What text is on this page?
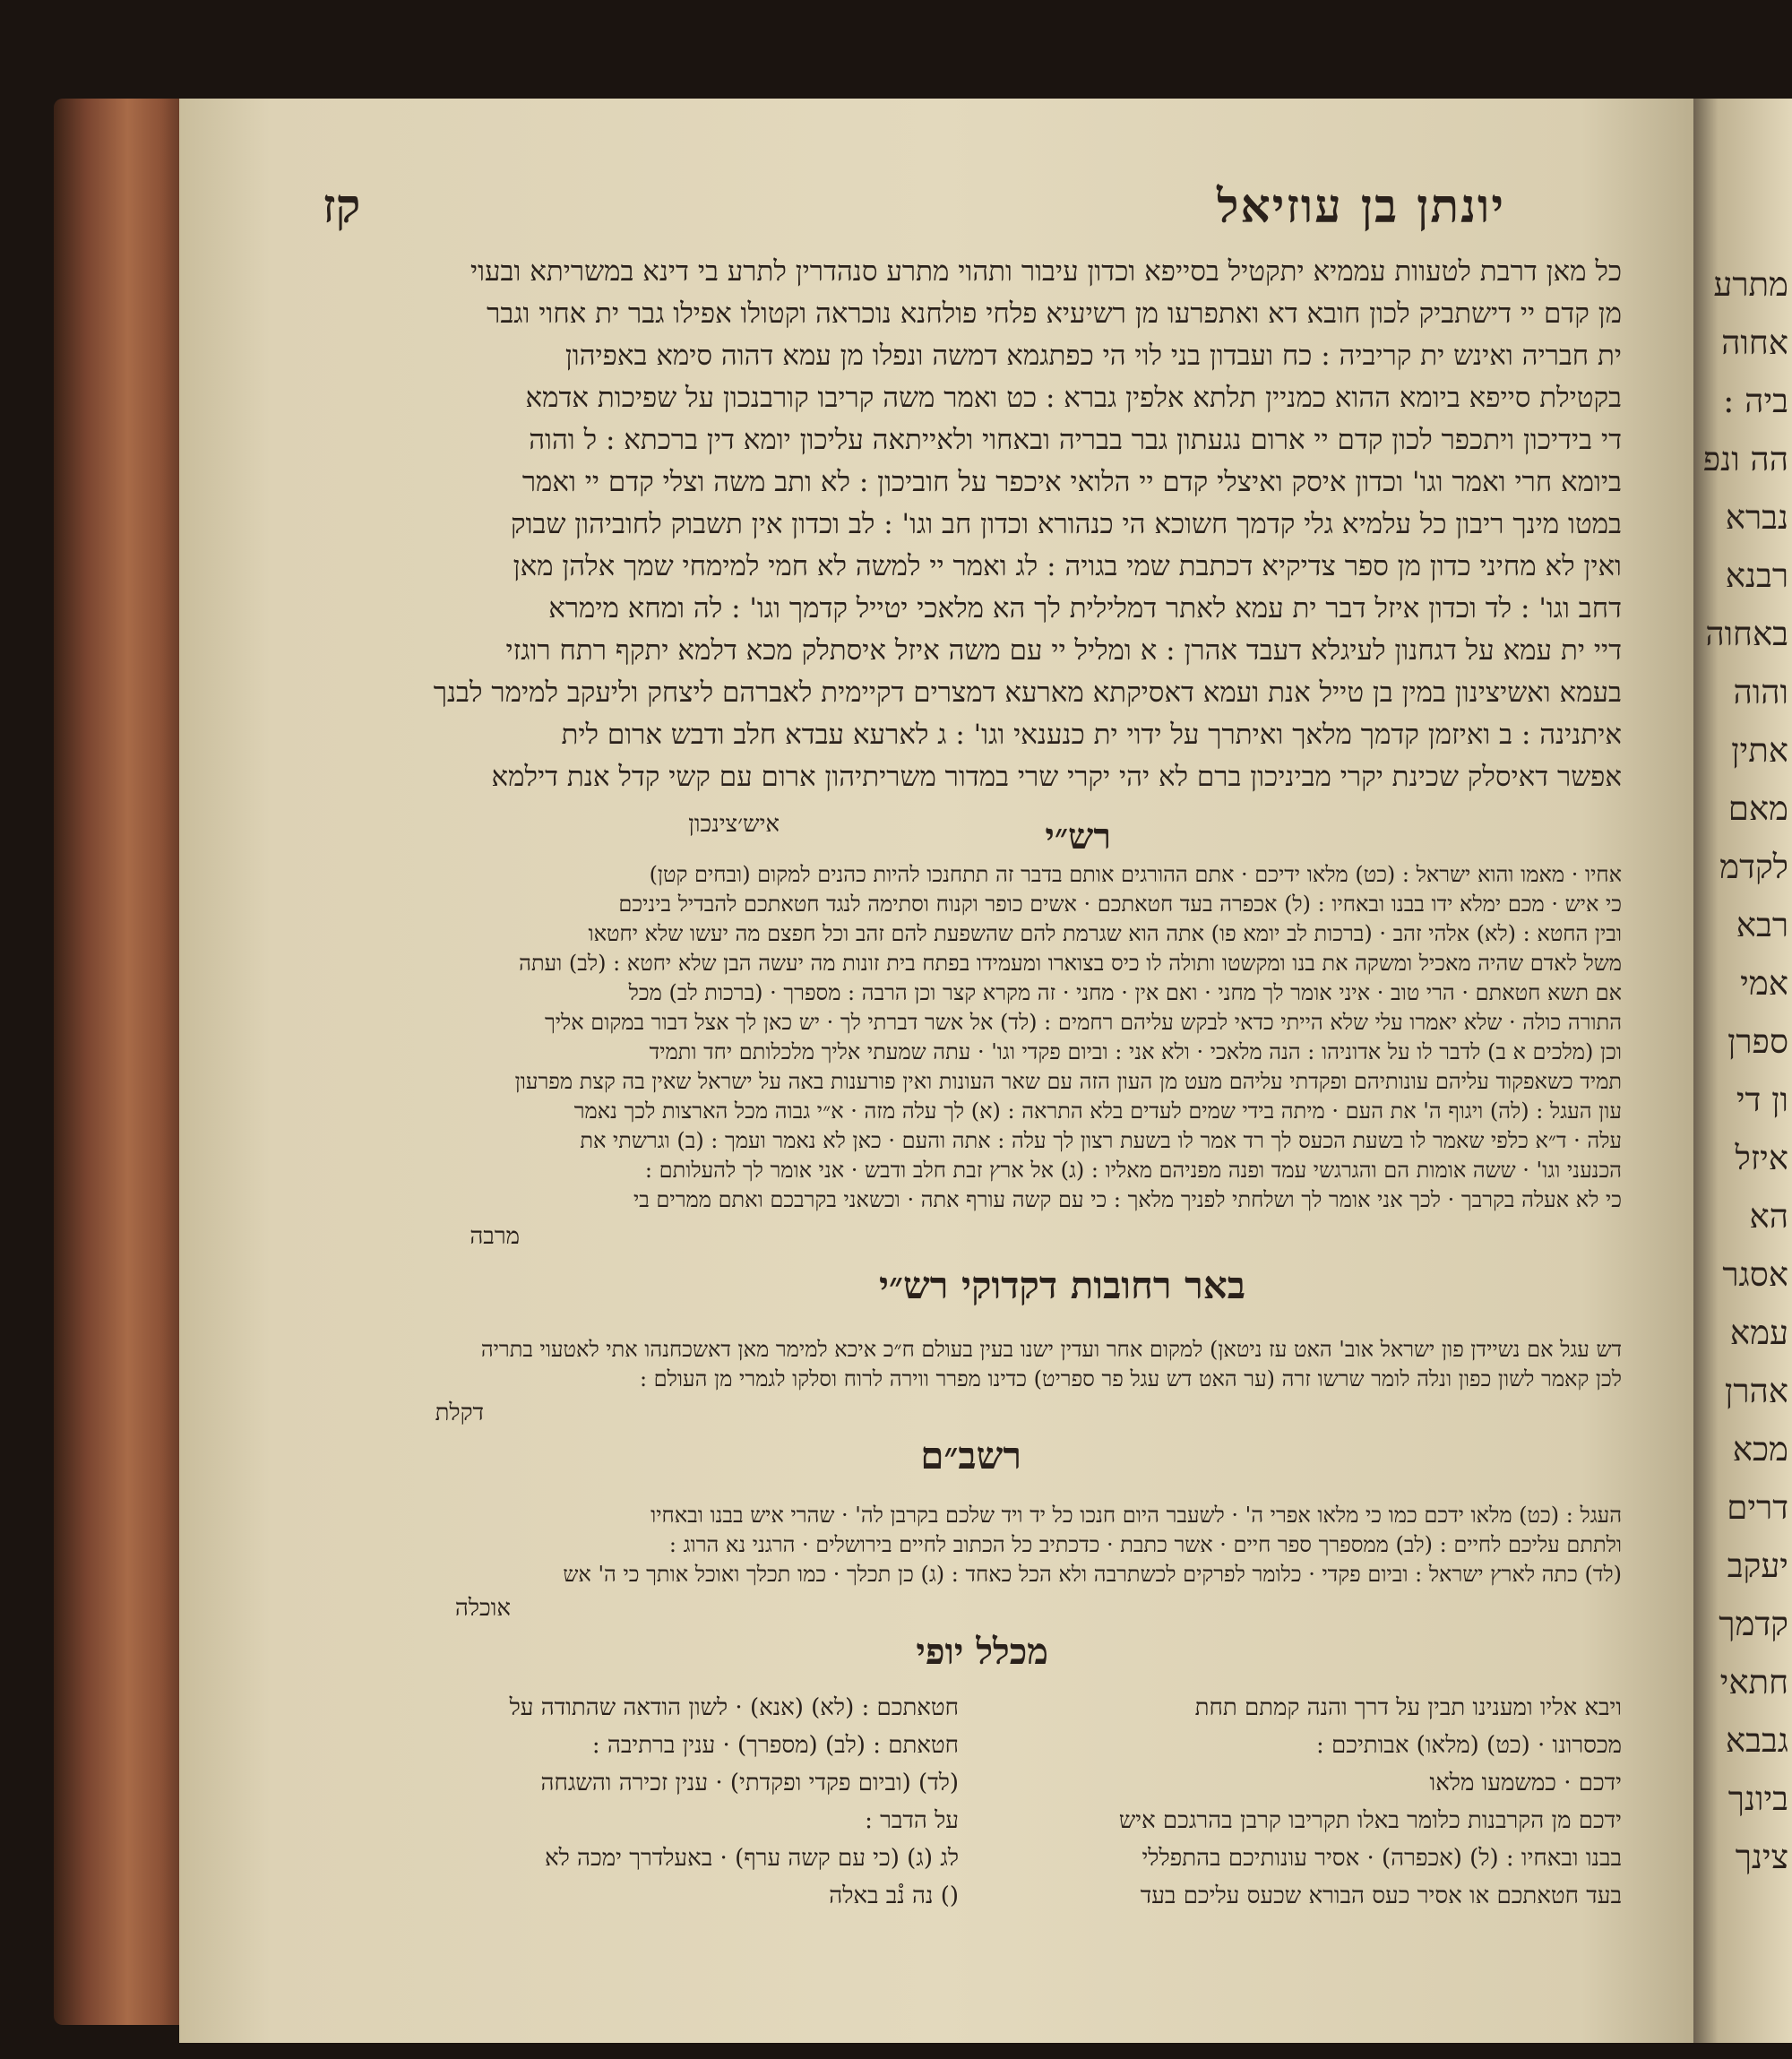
יונתן בן עוזיאל
קז
כל מאן דרבת לטעוות עממיא יתקטיל בסייפא וכדון עיבור ותהוי מתרע סנהדרין לתרע בי דינא במשריתא ובעוי
מן קדם יי דישתביק לכון חובא דא ואתפרעו מן רשיעיא פלחי פולחנא נוכראה וקטולו אפילו גבר ית אחוי וגבר
ית חבריה ואינש ית קריביה : כח ועבדון בני לוי הי כפתגמא דמשה ונפלו מן עמא דהוה סימא באפיהון
בקטילת סייפא ביומא ההוא כמניין תלתא אלפין גברא : כט ואמר משה קריבו קורבנכון על שפיכות אדמא
די בידיכון ויתכפר לכון קדם יי ארום נגעתון גבר בבריה ובאחוי ולאייתאה עליכון יומא דין ברכתא : ל והוה
ביומא חרי ואמר וגו' וכדון איסק ואיצלי קדם יי הלואי איכפר על חוביכון : לא ותב משה וצלי קדם יי ואמר
במטו מינך ריבון כל עלמיא גלי קדמך חשוכא הי כנהורא וכדון חב וגו' : לב וכדון אין תשבוק לחוביהון שבוק
ואין לא מחיני כדון מן ספר צדיקיא דכתבת שמי בגויה : לג ואמר יי למשה לא חמי למימחי שמך אלהן מאן
דחב וגו' : לד וכדון איזל דבר ית עמא לאתר דמלילית לך הא מלאכי יטייל קדמך וגו' : לה ומחא מימרא
דיי ית עמא על דגחנון לעיגלא דעבד אהרן : א ומליל יי עם משה איזל איסתלק מכא דלמא יתקף רתח רוגזי
בעמא ואשיצינון במין בן טייל אנת ועמא דאסיקתא מארעא דמצרים דקיימית לאברהם ליצחק וליעקב למימר לבנך
איתנינה : ב ואיזמן קדמך מלאך ואיתרך על ידוי ית כנענאי וגו' : ג לארעא עבדא חלב ודבש ארום לית
אפשר דאיסלק שכינת יקרי מביניכון ברם לא יהי יקרי שרי במדור משריתיהון ארום עם קשי קדל אנת דילמא
איש׳צינכון	רש״י
אחיו · מאמו והוא ישראל : (כט) מלאו ידיכם · אתם ההורגים אותם בדבר זה תתחנכו להיות כהנים למקום (ובחים קטן)
כי איש · מכם ימלא ידו בבנו ובאחיו : (ל) אכפרה בעד חטאתכם · אשים כופר וקנוח וסתימה לנגד חטאתכם להבדיל ביניכם
ובין החטא : (לא) אלהי זהב · (ברכות לב יומא פו) אתה הוא שגרמת להם שהשפעת להם זהב וכל חפצם מה יעשו שלא יחטאו
משל לאדם שהיה מאכיל ומשקה את בנו ומקשטו ותולה לו כיס בצוארו ומעמידו בפתח בית זונות מה יעשה הבן שלא יחטא : (לב) ועתה
אם תשא חטאתם · הרי טוב · איני אומר לך מחני · ואם אין · מחני · זה מקרא קצר וכן הרבה : מספרך · (ברכות לב) מכל
התורה כולה · שלא יאמרו עלי שלא הייתי כדאי לבקש עליהם רחמים : (לד) אל אשר דברתי לך · יש כאן לך אצל דבור במקום אליך
וכן (מלכים א ב) לדבר לו על אדוניהו : הנה מלאכי · ולא אני : וביום פקדי וגו' · עתה שמעתי אליך מלכלותם יחד ותמיד
תמיד כשאפקוד עליהם עונותיהם ופקדתי עליהם מעט מן העון הזה עם שאר העונות ואין פורענות באה על ישראל שאין בה קצת מפרעון
עון העגל : (לה) ויגוף ה' את העם · מיתה בידי שמים לעדים בלא התראה : (א) לך עלה מזה · א״י גבוה מכל הארצות לכך נאמר
עלה · ד״א כלפי שאמר לו בשעת הכעס לך רד אמר לו בשעת רצון לך עלה : אתה והעם · כאן לא נאמר ועמך : (ב) וגרשתי את
הכנעני וגו' · ששה אומות הם והגרגשי עמד ופנה מפניהם מאליו : (ג) אל ארץ זבת חלב ודבש · אני אומר לך להעלותם :
כי לא אעלה בקרבך · לכך אני אומר לך ושלחתי לפניך מלאך : כי עם קשה עורף אתה · וכשאני בקרבכם ואתם ממרים בי
מרבה
באר רחובות דקדוקי רש״י
דש עגל אם נשיידן פון ישראל אוב' האט עז ניטאן) למקום אחר ועדין ישנו בעין בעולם ח״כ איכא למימר מאן דאשכחנהו אתי לאטעוי בתריה
לכן קאמר לשון כפון ונלה לומר שרשו זרה (ער האט דש עגל פר ספריט) כדינו מפרר ווירה לרוח וסלקו לגמרי מן העולם :
דקלת
רשב״ם
העגל : (כט) מלאו ידכם כמו כי מלאו אפרי ה' · לשעבר היום חנכו כל יד ויד שלכם בקרבן לה' · שהרי איש בבנו ובאחיו
ולתתם עליכם לחיים : (לב) ממספרך ספר חיים · אשר כתבת · כדכתיב כל הכתוב לחיים בירושלים · הרגני נא הרוג :
(לד) כתה לארץ ישראל : וביום פקדי · כלומר לפרקים לכשתרבה ולא הכל כאחד : (ג) כן תכלך · כמו תכלך ואוכל אותך כי ה' אש
אוכלה
מכלל יופי
ויבא אליו ומענינו תבין על דרך והנה קמתם תחת
מכסרונו · (כט) (מלאו) אבותיכם :
ידכם · כמשמעו מלאו
ידכם מן הקרבנות כלומר באלו תקריבו קרבן בהרגכם איש
בבנו ובאחיו : (ל) (אכפרה) · אסיר עונותיכם בהתפללי
בעד חטאתכם או אסיר כעס הבורא שכעס עליכם בעד
חטאתכם : (לא) (אנא) · לשון הודאה שהתודה על
חטאתם : (לב) (מספרך) · ענין ברתיבה :
(לד) (וביום פקדי ופקדתי) · ענין זכירה והשגחה
על הדבר :
לג (ג) (כי עם קשה ערף) · באעלדרך ימכה לא
() נה נ֯ב באלה
מתרע
אחוה
ביה :
הה ונפ
נברא
רבנא
באחוה
והוה
אתין
מאם
לקדמ
רבא
אמי
ספרן
ון די
איזל
הא
אסגר
עמא
אהרן
מכא
דרים
יעקב
קדמך
חתאי
גבבא
ביונך
צינך
